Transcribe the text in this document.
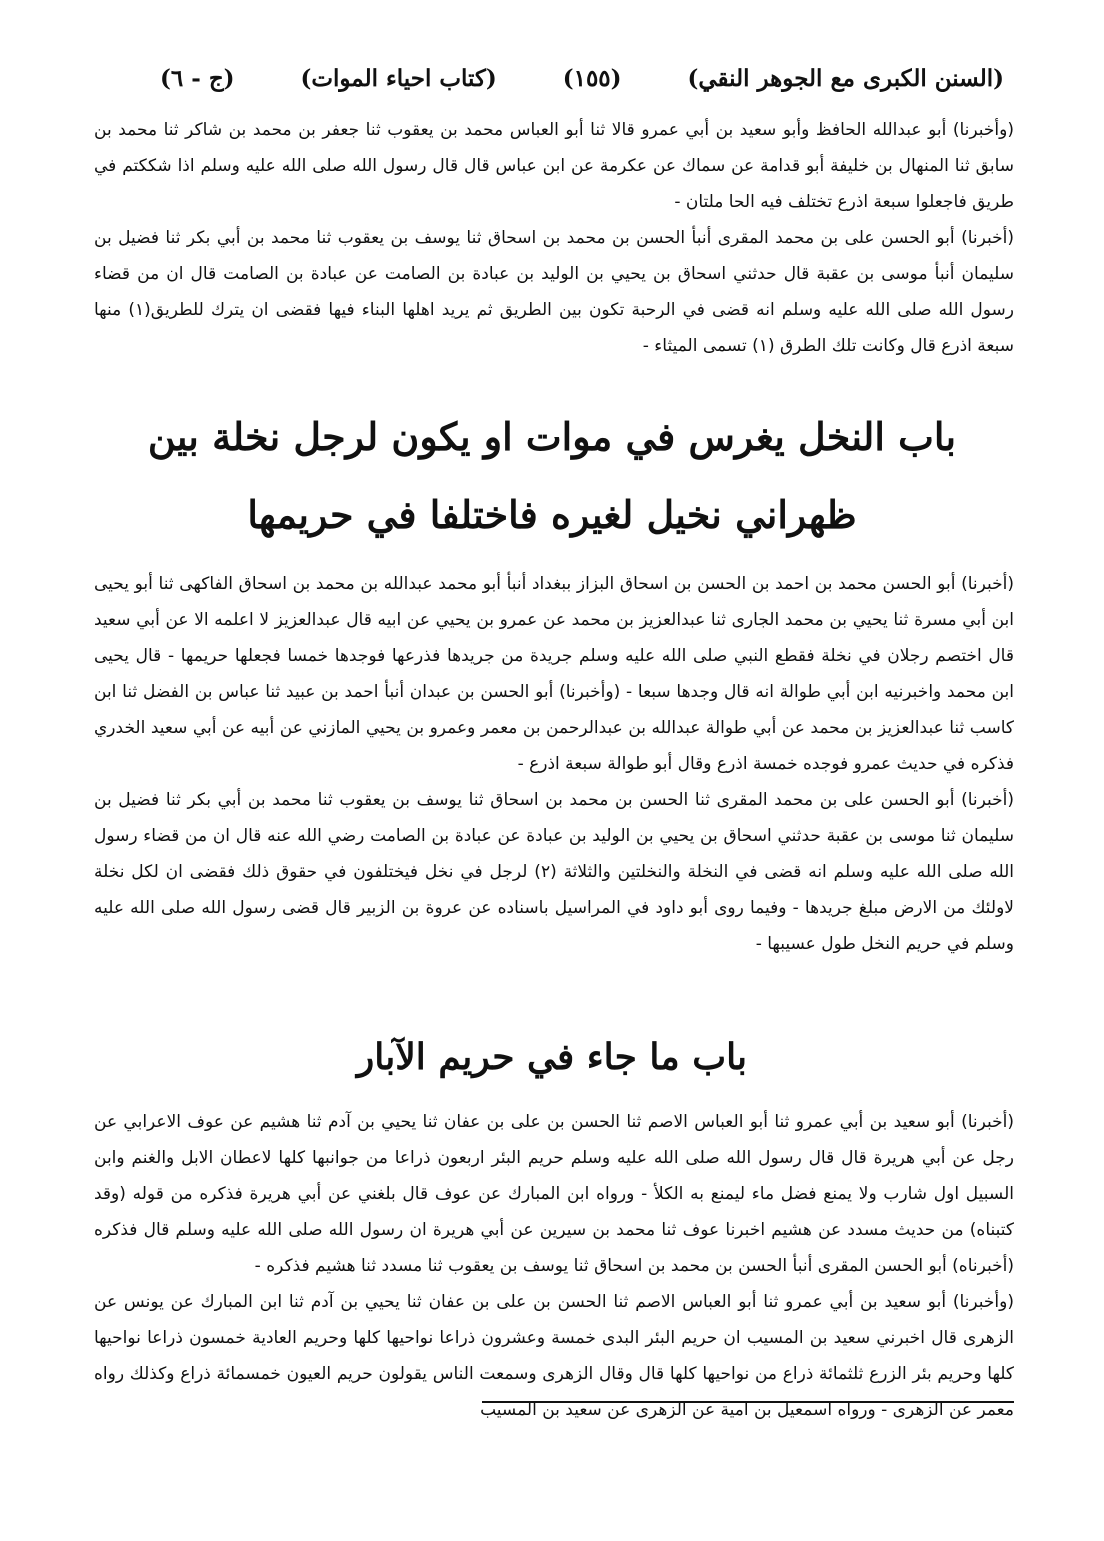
(السنن الكبرى مع الجوهر النقي)
(١٥٥)
(كتاب احياء الموات)
(ج - ٦)

(وأخبرنا) أبو عبدالله الحافظ وأبو سعيد بن أبي عمرو قالا ثنا أبو العباس محمد بن يعقوب ثنا جعفر بن محمد بن شاكر ثنا محمد بن سابق ثنا المنهال بن خليفة أبو قدامة عن سماك عن عكرمة عن ابن عباس قال قال رسول الله صلى الله عليه وسلم اذا شككتم في طريق فاجعلوا سبعة اذرع تختلف فيه الحا ملتان -

(أخبرنا) أبو الحسن على بن محمد المقرى أنبأ الحسن بن محمد بن اسحاق ثنا يوسف بن يعقوب ثنا محمد بن أبي بكر ثنا فضيل بن سليمان أنبأ موسى بن عقبة قال حدثني اسحاق بن يحيي بن الوليد بن عبادة بن الصامت عن عبادة بن الصامت قال ان من قضاء رسول الله صلى الله عليه وسلم انه قضى في الرحبة تكون بين الطريق ثم يريد اهلها البناء فيها فقضى ان يترك للطريق(١) منها سبعة اذرع قال وكانت تلك الطرق (١) تسمى الميثاء -

باب النخل يغرس في موات او يكون لرجل نخلة بين
ظهراني نخيل لغيره فاختلفا في حريمها

(أخبرنا) أبو الحسن محمد بن احمد بن الحسن بن اسحاق البزاز ببغداد أنبأ أبو محمد عبدالله بن محمد بن اسحاق الفاكهى ثنا أبو يحيى ابن أبي مسرة ثنا يحيي بن محمد الجارى ثنا عبدالعزيز بن محمد عن عمرو بن يحيي عن ابيه قال عبدالعزيز لا اعلمه الا عن أبي سعيد قال اختصم رجلان في نخلة فقطع النبي صلى الله عليه وسلم جريدة من جريدها فذرعها فوجدها خمسا فجعلها حريمها - قال يحيى ابن محمد واخبرنيه ابن أبي طوالة انه قال وجدها سبعا - (وأخبرنا) أبو الحسن بن عبدان أنبأ احمد بن عبيد ثنا عباس بن الفضل ثنا ابن كاسب ثنا عبدالعزيز بن محمد عن أبي طوالة عبدالله بن عبدالرحمن بن معمر وعمرو بن يحيي المازني عن أبيه عن أبي سعيد الخدري فذكره في حديث عمرو فوجده خمسة اذرع وقال أبو طوالة سبعة اذرع -

(أخبرنا) أبو الحسن على بن محمد المقرى ثنا الحسن بن محمد بن اسحاق ثنا يوسف بن يعقوب ثنا محمد بن أبي بكر ثنا فضيل بن سليمان ثنا موسى بن عقبة حدثني اسحاق بن يحيي بن الوليد بن عبادة عن عبادة بن الصامت رضي الله عنه قال ان من قضاء رسول الله صلى الله عليه وسلم انه قضى في النخلة والنخلتين والثلاثة (٢) لرجل في نخل فيختلفون في حقوق ذلك فقضى ان لكل نخلة لاولئك من الارض مبلغ جريدها - وفيما روى أبو داود في المراسيل باسناده عن عروة بن الزبير قال قضى رسول الله صلى الله عليه وسلم في حريم النخل طول عسيبها -

باب ما جاء في حريم الآبار

(أخبرنا) أبو سعيد بن أبي عمرو ثنا أبو العباس الاصم ثنا الحسن بن على بن عفان ثنا يحيي بن آدم ثنا هشيم عن عوف الاعرابي عن رجل عن أبي هريرة قال قال رسول الله صلى الله عليه وسلم حريم البئر اربعون ذراعا من جوانبها كلها لاعطان الابل والغنم وابن السبيل اول شارب ولا يمنع فضل ماء ليمنع به الكلأ - ورواه ابن المبارك عن عوف قال بلغني عن أبي هريرة فذكره من قوله (وقد كتبناه) من حديث مسدد عن هشيم اخبرنا عوف ثنا محمد بن سيرين عن أبي هريرة ان رسول الله صلى الله عليه وسلم قال فذكره (أخبرناه) أبو الحسن المقرى أنبأ الحسن بن محمد بن اسحاق ثنا يوسف بن يعقوب ثنا مسدد ثنا هشيم فذكره -

(وأخبرنا) أبو سعيد بن أبي عمرو ثنا أبو العباس الاصم ثنا الحسن بن على بن عفان ثنا يحيي بن آدم ثنا ابن المبارك عن يونس عن الزهرى قال اخبرني سعيد بن المسيب ان حريم البئر البدى خمسة وعشرون ذراعا نواحيها كلها وحريم العادية خمسون ذراعا نواحيها كلها وحريم بئر الزرع ثلثمائة ذراع من نواحيها كلها قال وقال الزهرى وسمعت الناس يقولون حريم العيون خمسمائة ذراع وكذلك رواه معمر عن الزهرى - ورواه اسمعيل بن امية عن الزهرى عن سعيد بن المسيب
